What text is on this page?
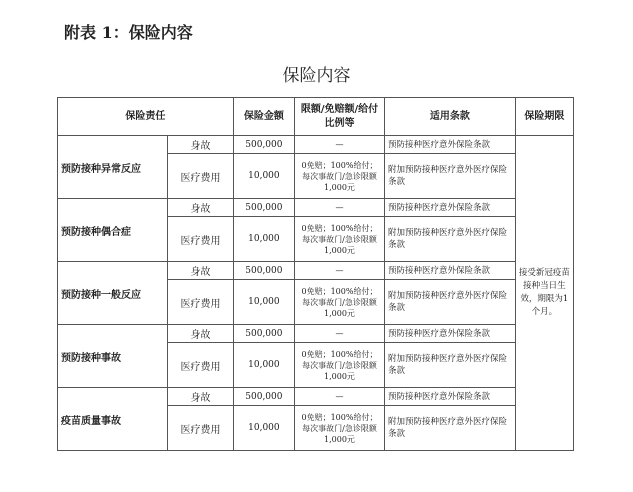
附表 1：保险内容
保险内容
保险责任		保险金额	限额/免赔额/给付比例等	适用条款	保险期限
预防接种异常反应	身故	500,000	—	预防接种医疗意外保险条款	接受新冠疫苗接种当日生效，期限为1个月。
	医疗费用	10,000	0免赔；100%给付；每次事故门/急诊限额1,000元	附加预防接种医疗意外医疗保险条款	
预防接种偶合症	身故	500,000	—	预防接种医疗意外保险条款	
	医疗费用	10,000	0免赔；100%给付；每次事故门/急诊限额1,000元	附加预防接种医疗意外医疗保险条款	
预防接种一般反应	身故	500,000	—	预防接种医疗意外保险条款	
	医疗费用	10,000	0免赔；100%给付；每次事故门/急诊限额1,000元	附加预防接种医疗意外医疗保险条款	
预防接种事故	身故	500,000	—	预防接种医疗意外保险条款	
	医疗费用	10,000	0免赔；100%给付；每次事故门/急诊限额1,000元	附加预防接种医疗意外医疗保险条款	
疫苗质量事故	身故	500,000	—	预防接种医疗意外保险条款	
	医疗费用	10,000	0免赔；100%给付；每次事故门/急诊限额1,000元	附加预防接种医疗意外医疗保险条款	
